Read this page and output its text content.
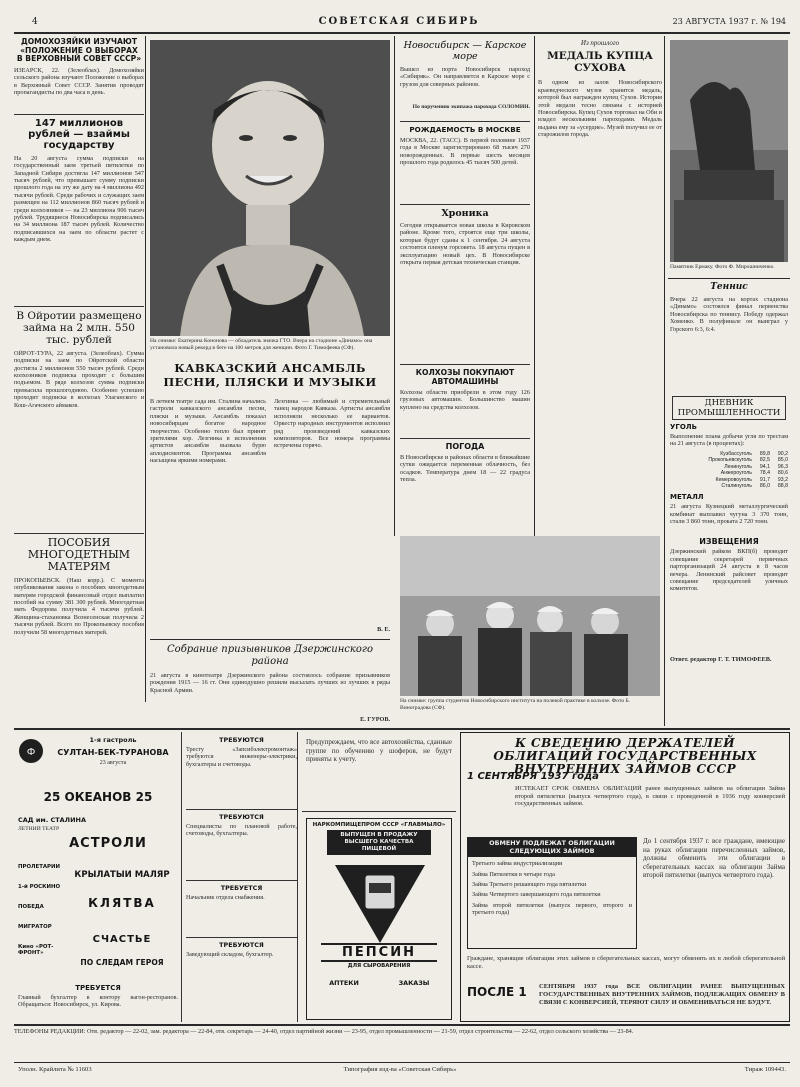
4	СОВЕТСКАЯ СИБИРЬ	23 АВГУСТА 1937 г. № 194
ДОМОХОЗЯЙКИ ИЗУЧАЮТ «ПОЛОЖЕНИЕ О ВЫБОРАХ В ВЕРХОВНЫЙ СОВЕТ СССР»
ИЗЕАРСК, 22. (Зелеоблах). Домохозяйки сельского района изучают Положение о выборах в Верховный Совет СССР. Занятия проводят пропагандисты по два часа в день.
147 миллионов рублей — взаймы государству
На 20 августа сумма подписки на государственный заем третьей пятилетки по Западной Сибири достигла 147 миллионов 547 тысяч рублей, что превышает сумму подписки прошлого года на эту же дату на 4 миллиона 492 тысячи рублей. Среди рабочих и служащих заем размещен на 112 миллионов 860 тысяч рублей и среди колхозников — на 23 миллиона 906 тысяч рублей. Трудящиеся Новосибирска подписались на 34 миллиона 187 тысяч рублей. Количество подписавшихся на заем по области растет с каждым днем.
В Ойротии размещено займа на 2 млн. 550 тыс. рублей
ОЙРОТ-ТУРА, 22 августа. (Зелеоблах). Сумма подписки на заем по Ойротской области достигла 2 миллионов 550 тысяч рублей. Среди колхозников подписка проходит с большим подъемом. В ряде колхозов сумма подписки превысила прошлогоднюю. Особенно успешно проходит подписка в колхозах Улаганского и Кош-Агачского аймаков.
ПОСОБИЯ МНОГОДЕТНЫМ МАТЕРЯМ
ПРОКОПЬЕВСК. (Наш корр.). С момента опубликования закона о пособиях многодетным матерям городской финансовый отдел выплатил пособий на сумму 381 300 рублей. Многодетная мать Федорова получила 4 тысячи рублей. Женщина-стахановка Вознесенская получила 2 тысячи рублей. Всего по Прокопьевску пособия получили 58 многодетных матерей.
На снимке: Екатерина Кононова — обладатель значка ГТО. Вчера на стадионе «Динамо» она установила новый рекорд в беге на 100 метров для женщин. Фото Г. Тимофеева (СФ).
КАВКАЗСКИЙ АНСАМБЛЬ ПЕСНИ, ПЛЯСКИ И МУЗЫКИ
В летнем театре сада им. Сталина начались гастроли кавказского ансамбля песни, пляски и музыки. Ансамбль показал новосибирцам богатое народное творчество. Особенно тепло был принят зрителями хор. Лезгинка в исполнении артистов ансамбля вызвала бурю аплодисментов. Программа ансамбля насыщена яркими номерами.
Лезгинка — любимый и стремительный танец народов Кавказа. Артисты ансамбля исполняли несколько ее вариантов. Оркестр народных инструментов исполнил ряд произведений кавказских композиторов. Все номера программы встречены горячо.
В. Е.
Собрание призывников Дзержинского района
21 августа в кинотеатре Дзержинского района состоялось собрание призывников рождения 1915 — 16 гг. Они единодушно решили высылать лучших из лучших в ряды Красной Армии.
Е. ГУРОВ.
Новосибирск — Карское море
Вышел из порта Новосибирск пароход «Сибиряк». Он направляется в Карское море с грузом для северных районов.
По поручению экипажа парохода СОЛОМИН.
РОЖДАЕМОСТЬ В МОСКВЕ
МОСКВА, 22. (ТАСС). В первой половине 1937 года в Москве зарегистрировано 68 тысяч 270 новорожденных. В первые шесть месяцев прошлого года родилось 45 тысяч 500 детей.
Хроника
Сегодня открывается новая школа в Кировском районе. Кроме того, строятся еще три школы, которые будут сданы к 1 сентября. 24 августа состоится пленум горсовета. 18 августа пущен в эксплуатацию новый цех. В Новосибирске открыта первая детская техническая станция.
КОЛХОЗЫ ПОКУПАЮТ АВТОМАШИНЫ
Колхозы области приобрели в этом году 126 грузовых автомашин. Большинство машин куплено на средства колхозов.
ПОГОДА
В Новосибирске и районах области в ближайшие сутки ожидается переменная облачность, без осадков. Температура днем 18 — 22 градуса тепла.
Из прошлого
МЕДАЛЬ КУПЦА СУХОВА
В одном из залов Новосибирского краеведческого музея хранится медаль, которой был награжден купец Сухов. История этой медали тесно связана с историей Новосибирска. Купец Сухов торговал на Оби и владел несколькими пароходами. Медаль выдана ему за «усердие». Музей получил ее от старожилов города.
Памятник Ермаку. Фото Ф. Мирошниченко.
Теннис
Вчера 22 августа на кортах стадиона «Динамо» состоялся финал первенства Новосибирска по теннису. Победу одержал Хоменко. В полуфинале он выиграл у Горского 6:3, 6:4.
ДНЕВНИК ПРОМЫШЛЕННОСТИ
УГОЛЬ
Выполнение плана добычи угля по трестам на 21 августа (в процентах):
Кузбассуголь	89,8	90,2
Прокопьевскуголь	82,5	85,0
Ленинуголь	94,1	96,3
Анжероуголь	78,4	80,6
Кемеровоуголь	91,7	93,2
Сталинуголь	86,0	88,8
МЕТАЛЛ
21 августа Кузнецкий металлургический комбинат выплавил чугуна 3 370 тонн, стали 3 860 тонн, проката 2 720 тонн.
ИЗВЕЩЕНИЯ
Дзержинский райком ВКП(б) проводит совещание секретарей первичных парторганизаций 24 августа в 8 часов вечера. Ленинский райсовет проводит совещание председателей уличных комитетов.
Ответ. редактор Г. Т. ТИМОФЕЕВ.
На снимке: группа студентов Новосибирского института на полевой практике в колхозе. Фото Б. Виноградова (СФ).
Ф
1-я гастроль
СУЛТАН-БЕК-ТУРАНОВА
23 августа
25 ОКЕАНОВ 25
САД им. СТАЛИНА
ЛЕТНИЙ ТЕАТР
АСТРОЛИ
КРЫЛАТЫЙ МАЛЯР
КЛЯТВА
СЧАСТЬЕ
ПО СЛЕДАМ ГЕРОЯ
ПРОЛЕТАРИЙ
1-й РОСКИНО
ПОБЕДА
МИГРАТОР
Кино «РОТ-ФРОНТ»
ТРЕБУЕТСЯ
Главный бухгалтер в контору вагон-ресторанов. Обращаться: Новосибирск, ул. Кирова.
ТРЕБУЮТСЯ
Тресту «Запсибэлектромонтаж» требуются инженеры-электрики, бухгалтеры и счетоводы.
ТРЕБУЮТСЯ
Специалисты по плановой работе, счетоводы, бухгалтеры.
ТРЕБУЕТСЯ
Начальник отдела снабжения.
ТРЕБУЮТСЯ
Заведующий складом, бухгалтер.
Предупреждаем, что все автохозяйства, сданные группе по обучению у шоферов, не будут приняты к учету.
НАРКОМПИЩЕПРОМ СССР «ГЛАВМЫЛО»
ВЫПУЩЕН В ПРОДАЖУ ВЫСШЕГО КАЧЕСТВА ПИЩЕВОЙ
ПЕПСИН
ДЛЯ СЫРОВАРЕНИЯ
АПТЕКИ	ЗАКАЗЫ
К СВЕДЕНИЮ ДЕРЖАТЕЛЕЙ ОБЛИГАЦИЙ ГОСУДАРСТВЕННЫХ ВНУТРЕННИХ ЗАЙМОВ СССР
1 СЕНТЯБРЯ 1937 года
ИСТЕКАЕТ СРОК ОБМЕНА ОБЛИГАЦИЙ ранее выпущенных займов на облигации Займа второй пятилетки (выпуск четвертого года), в связи с проведенной в 1936 году конверсией государственных займов.
ОБМЕНУ ПОДЛЕЖАТ ОБЛИГАЦИИ СЛЕДУЮЩИХ ЗАЙМОВ
Третьего займа индустриализации
Займа Пятилетки в четыре года
Займа Третьего решающего года пятилетки
Займа Четвертого завершающего года пятилетки
Займа второй пятилетки (выпуск первого, второго и третьего года)
До 1 сентября 1937 г. все граждане, имеющие на руках облигации перечисленных займов, должны обменить эти облигации в сберегательных кассах на облигации Займа второй пятилетки (выпуск четвертого года).
Граждане, хранящие облигации этих займов в сберегательных кассах, могут обменять их в любой сберегательной кассе.
ПОСЛЕ 1	СЕНТЯБРЯ 1937 года ВСЕ ОБЛИГАЦИИ РАНЕЕ ВЫПУЩЕННЫХ ГОСУДАРСТВЕННЫХ ВНУТРЕННИХ ЗАЙМОВ, ПОДЛЕЖАЩИХ ОБМЕНУ В СВЯЗИ С КОНВЕРСИЕЙ, ТЕРЯЮТ СИЛУ И ОБМЕНИВАТЬСЯ НЕ БУДУТ.
ТЕЛЕФОНЫ РЕДАКЦИИ: Отв. редактор — 22-02, зам. редактора — 22-84, отв. секретарь — 24-40, отдел партийной жизни — 23-95, отдел промышленности — 21-59, отдел строительства — 22-62, отдел сельского хозяйства — 23-84.
Уполн. Крайлита № 11603	Типография изд-ва «Советская Сибирь»	Тираж 109443.
